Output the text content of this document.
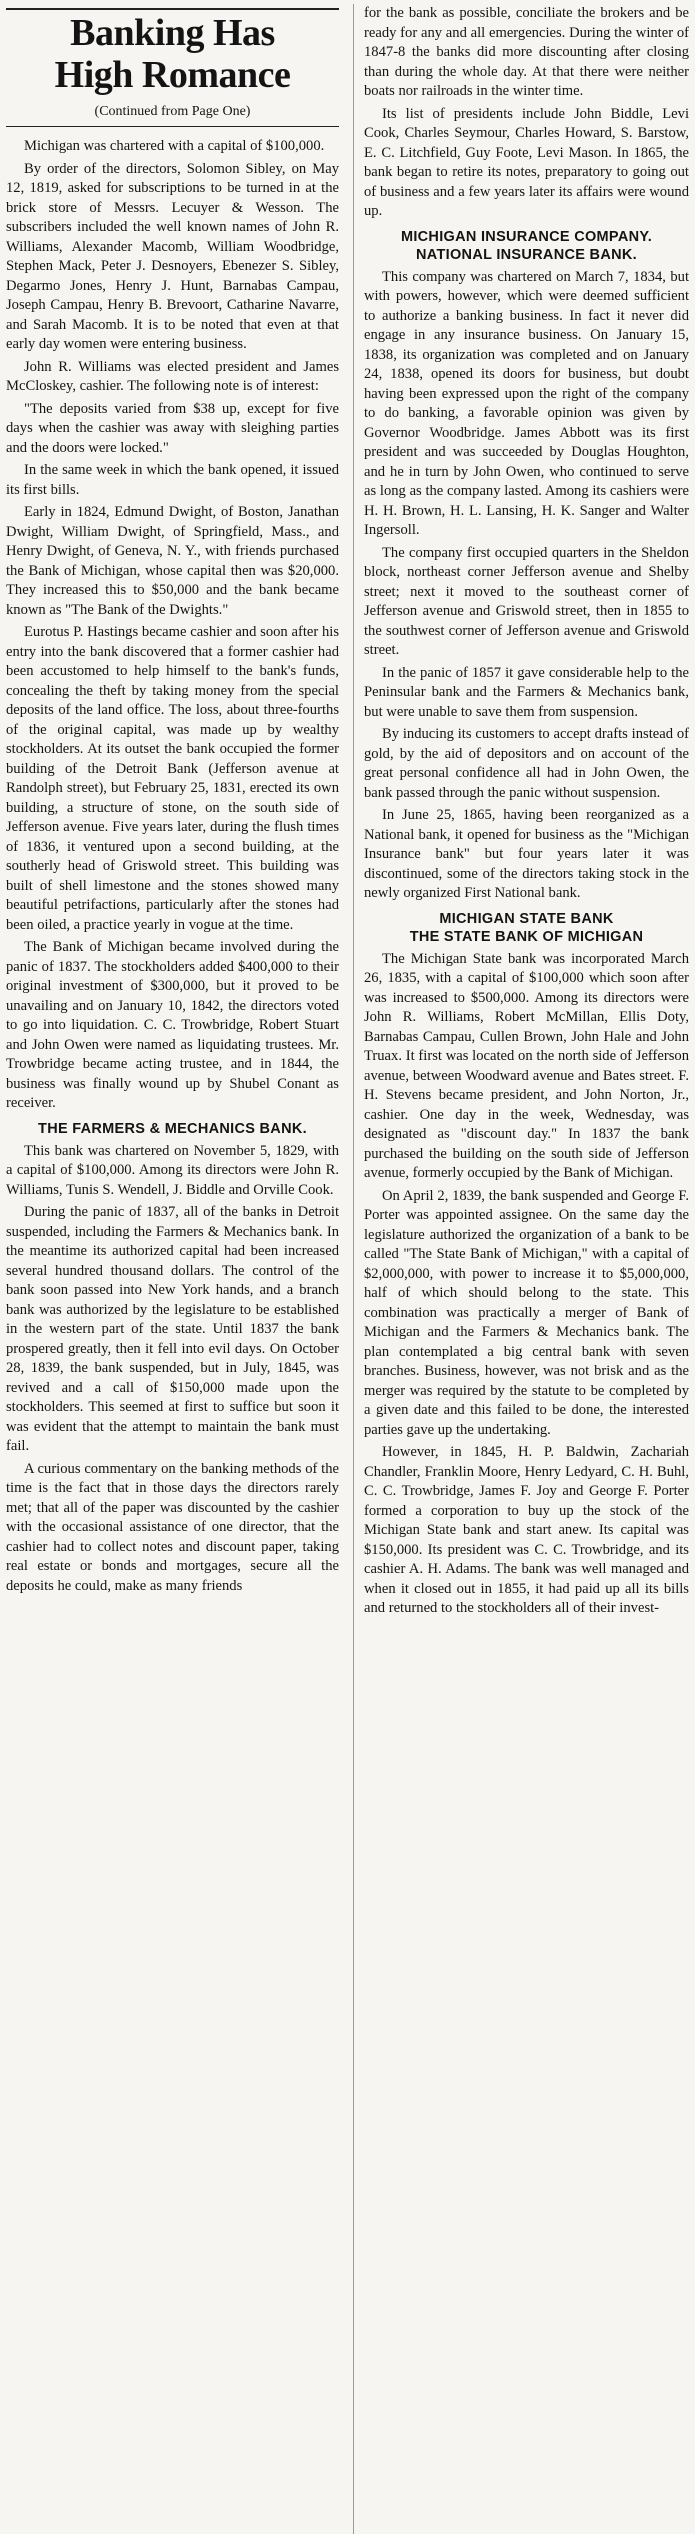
Banking Has
High Romance
(Continued from Page One)

Michigan was chartered with a capital of $100,000.

By order of the directors, Solomon Sibley, on May 12, 1819, asked for subscriptions to be turned in at the brick store of Messrs. Lecuyer & Wesson. The subscribers included the well known names of John R. Williams, Alexander Macomb, William Woodbridge, Stephen Mack, Peter J. Desnoyers, Ebenezer S. Sibley, Degarmo Jones, Henry J. Hunt, Barnabas Campau, Joseph Campau, Henry B. Brevoort, Catharine Navarre, and Sarah Macomb. It is to be noted that even at that early day women were entering business.

John R. Williams was elected president and James McCloskey, cashier. The following note is of interest:

"The deposits varied from $38 up, except for five days when the cashier was away with sleighing parties and the doors were locked."

In the same week in which the bank opened, it issued its first bills.

Early in 1824, Edmund Dwight, of Boston, Janathan Dwight, William Dwight, of Springfield, Mass., and Henry Dwight, of Geneva, N. Y., with friends purchased the Bank of Michigan, whose capital then was $20,000. They increased this to $50,000 and the bank became known as "The Bank of the Dwights."

Eurotus P. Hastings became cashier and soon after his entry into the bank discovered that a former cashier had been accustomed to help himself to the bank's funds, concealing the theft by taking money from the special deposits of the land office. The loss, about three-fourths of the original capital, was made up by wealthy stockholders. At its outset the bank occupied the former building of the Detroit Bank (Jefferson avenue at Randolph street), but February 25, 1831, erected its own building, a structure of stone, on the south side of Jefferson avenue. Five years later, during the flush times of 1836, it ventured upon a second building, at the southerly head of Griswold street. This building was built of shell limestone and the stones showed many beautiful petrifactions, particularly after the stones had been oiled, a practice yearly in vogue at the time.

The Bank of Michigan became involved during the panic of 1837. The stockholders added $400,000 to their original investment of $300,000, but it proved to be unavailing and on January 10, 1842, the directors voted to go into liquidation. C. C. Trowbridge, Robert Stuart and John Owen were named as liquidating trustees. Mr. Trowbridge became acting trustee, and in 1844, the business was finally wound up by Shubel Conant as receiver.

THE FARMERS & MECHANICS BANK.

This bank was chartered on November 5, 1829, with a capital of $100,000. Among its directors were John R. Williams, Tunis S. Wendell, J. Biddle and Orville Cook.

During the panic of 1837, all of the banks in Detroit suspended, including the Farmers & Mechanics bank. In the meantime its authorized capital had been increased several hundred thousand dollars. The control of the bank soon passed into New York hands, and a branch bank was authorized by the legislature to be established in the western part of the state. Until 1837 the bank prospered greatly, then it fell into evil days. On October 28, 1839, the bank suspended, but in July, 1845, was revived and a call of $150,000 made upon the stockholders. This seemed at first to suffice but soon it was evident that the attempt to maintain the bank must fail.

A curious commentary on the banking methods of the time is the fact that in those days the directors rarely met; that all of the paper was discounted by the cashier with the occasional assistance of one director, that the cashier had to collect notes and discount paper, taking real estate or bonds and mortgages, secure all the deposits he could, make as many friends

for the bank as possible, conciliate the brokers and be ready for any and all emergencies. During the winter of 1847-8 the banks did more discounting after closing than during the whole day. At that there were neither boats nor railroads in the winter time.

Its list of presidents include John Biddle, Levi Cook, Charles Seymour, Charles Howard, S. Barstow, E. C. Litchfield, Guy Foote, Levi Mason. In 1865, the bank began to retire its notes, preparatory to going out of business and a few years later its affairs were wound up.

MICHIGAN INSURANCE COMPANY.
NATIONAL INSURANCE BANK.

This company was chartered on March 7, 1834, but with powers, however, which were deemed sufficient to authorize a banking business. In fact it never did engage in any insurance business. On January 15, 1838, its organization was completed and on January 24, 1838, opened its doors for business, but doubt having been expressed upon the right of the company to do banking, a favorable opinion was given by Governor Woodbridge. James Abbott was its first president and was succeeded by Douglas Houghton, and he in turn by John Owen, who continued to serve as long as the company lasted. Among its cashiers were H. H. Brown, H. L. Lansing, H. K. Sanger and Walter Ingersoll.

The company first occupied quarters in the Sheldon block, northeast corner Jefferson avenue and Shelby street; next it moved to the southeast corner of Jefferson avenue and Griswold street, then in 1855 to the southwest corner of Jefferson avenue and Griswold street.

In the panic of 1857 it gave considerable help to the Peninsular bank and the Farmers & Mechanics bank, but were unable to save them from suspension.

By inducing its customers to accept drafts instead of gold, by the aid of depositors and on account of the great personal confidence all had in John Owen, the bank passed through the panic without suspension.

In June 25, 1865, having been reorganized as a National bank, it opened for business as the "Michigan Insurance bank" but four years later it was discontinued, some of the directors taking stock in the newly organized First National bank.

MICHIGAN STATE BANK
THE STATE BANK OF MICHIGAN

The Michigan State bank was incorporated March 26, 1835, with a capital of $100,000 which soon after was increased to $500,000. Among its directors were John R. Williams, Robert McMillan, Ellis Doty, Barnabas Campau, Cullen Brown, John Hale and John Truax. It first was located on the north side of Jefferson avenue, between Woodward avenue and Bates street. F. H. Stevens became president, and John Norton, Jr., cashier. One day in the week, Wednesday, was designated as "discount day." In 1837 the bank purchased the building on the south side of Jefferson avenue, formerly occupied by the Bank of Michigan.

On April 2, 1839, the bank suspended and George F. Porter was appointed assignee. On the same day the legislature authorized the organization of a bank to be called "The State Bank of Michigan," with a capital of $2,000,000, with power to increase it to $5,000,000, half of which should belong to the state. This combination was practically a merger of Bank of Michigan and the Farmers & Mechanics bank. The plan contemplated a big central bank with seven branches. Business, however, was not brisk and as the merger was required by the statute to be completed by a given date and this failed to be done, the interested parties gave up the undertaking.

However, in 1845, H. P. Baldwin, Zachariah Chandler, Franklin Moore, Henry Ledyard, C. H. Buhl, C. C. Trowbridge, James F. Joy and George F. Porter formed a corporation to buy up the stock of the Michigan State bank and start anew. Its capital was $150,000. Its president was C. C. Trowbridge, and its cashier A. H. Adams. The bank was well managed and when it closed out in 1855, it had paid up all its bills and returned to the stockholders all of their invest-
